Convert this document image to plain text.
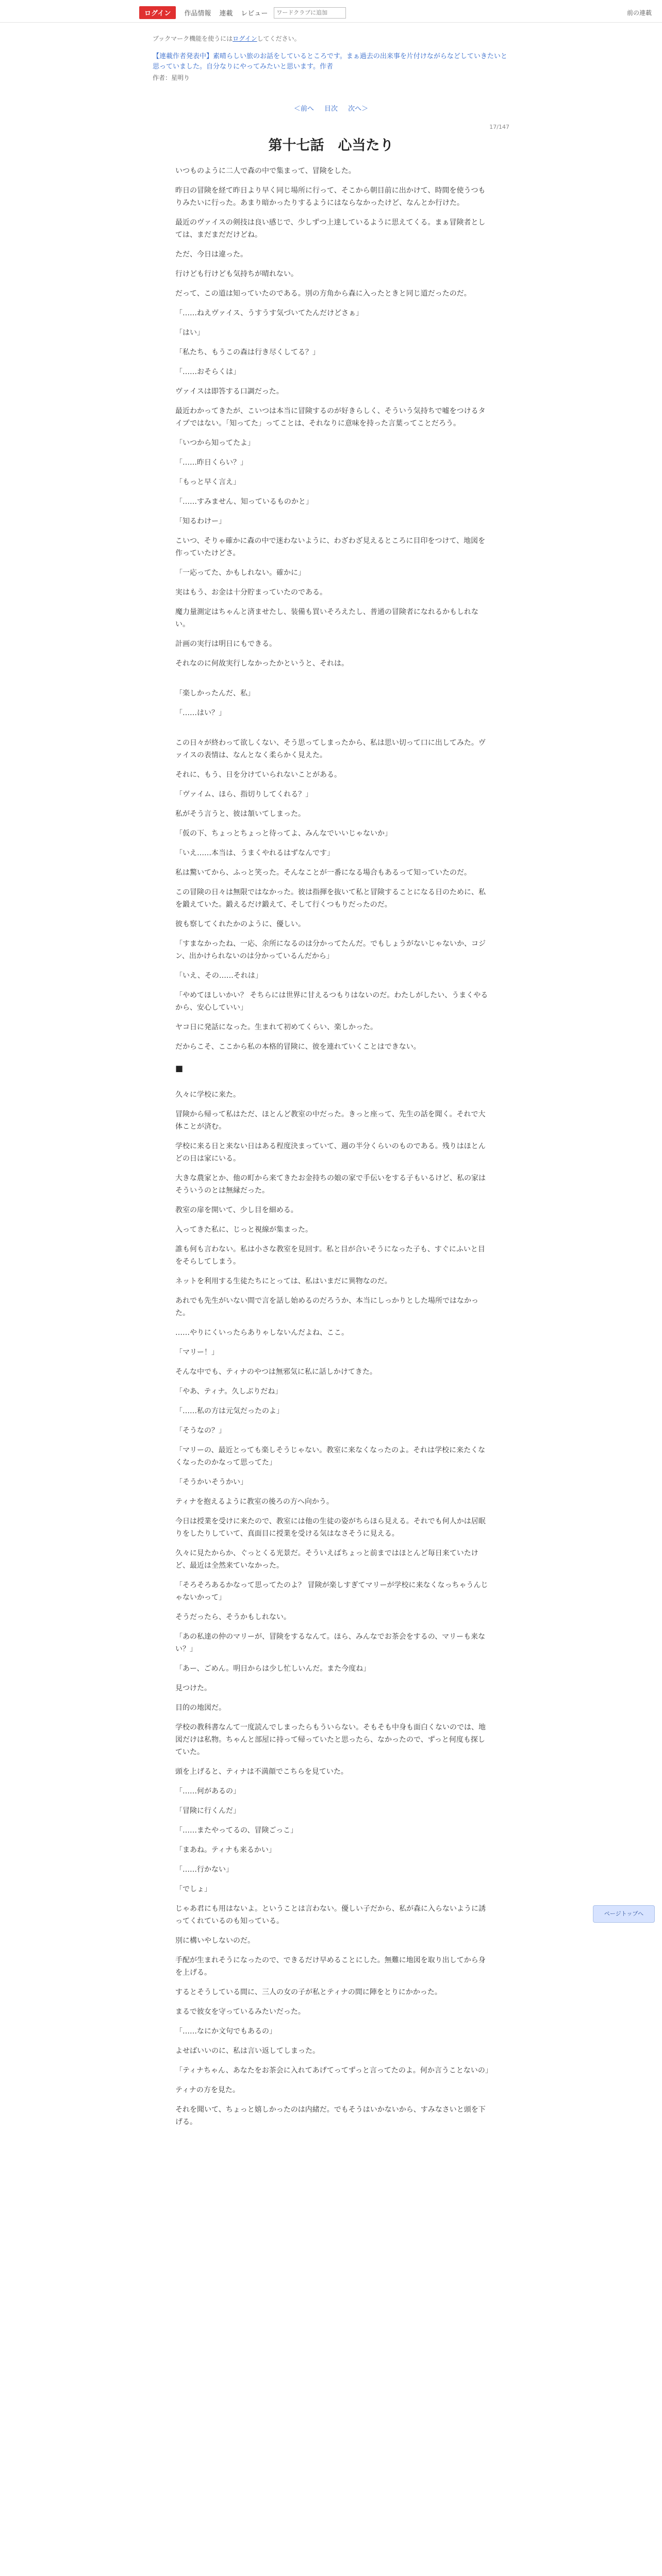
ログイン	作品情報 連載 レビュー
ワードクラブに追加	前の連載
ブックマーク機能を使うにはログインしてください。
【連載作者発表中】素晴らしい旅のお話をしているところです。まぁ過去の出来事を片付けながらなどしていきたいと思っていました。自分なりにやってみたいと思います。作者
作者：星明り
＜前へ 目次 次へ＞
17/147
第十七話　心当たり

いつものように二人で森の中で集まって、冒険をした。

昨日の冒険を経て昨日より早く同じ場所に行って、そこから朝目前に出かけて、時間を使うつもりみたいに行った。あまり暗かったりするようにはならなかったけど、なんとか行けた。

最近のヴァイスの剣技は良い感じで、少しずつ上達しているように思えてくる。まぁ冒険者としては、まだまだだけどね。

ただ、今日は違った。

行けども行けども気持ちが晴れない。

だって、この道は知っていたのである。別の方角から森に入ったときと同じ道だったのだ。

「……ねえヴァイス、うすうす気づいてたんだけどさぁ」

「はい」

「私たち、もうこの森は行き尽くしてる？」

「……おそらくは」

ヴァイスは即答する口調だった。

最近わかってきたが、こいつは本当に冒険するのが好きらしく、そういう気持ちで嘘をつけるタイプではない。「知ってた」ってことは、それなりに意味を持った言葉ってことだろう。

「いつから知ってたよ」

「……昨日くらい？」

「もっと早く言え」

「……すみません、知っているものかと」

「知るわけー」

こいつ、そりゃ確かに森の中で迷わないように、わざわざ見えるところに目印をつけて、地図を作っていたけどさ。

「一応ってた、かもしれない。確かに」

実はもう、お金は十分貯まっていたのである。

魔力量測定はちゃんと済ませたし、装備も買いそろえたし、普通の冒険者になれるかもしれない。

計画の実行は明日にもできる。

それなのに何故実行しなかったかというと、それは。

「楽しかったんだ、私」

「……はい？」

この日々が終わって欲しくない、そう思ってしまったから、私は思い切って口に出してみた。ヴァイスの表情は、なんとなく柔らかく見えた。

それに、もう、日を分けていられないことがある。

「ヴァイム、ほら、指切りしてくれる？」

私がそう言うと、彼は頷いてしまった。

「仮の下、ちょっとちょっと待ってよ、みんなでいいじゃないか」

「いえ……本当は、うまくやれるはずなんです」

私は驚いてから、ふっと笑った。そんなことが一番になる場合もあるって知っていたのだ。

この冒険の日々は無限ではなかった。彼は指揮を抜いて私と冒険することになる日のために、私を鍛えていた。鍛えるだけ鍛えて、そして行くつもりだったのだ。

彼も察してくれたかのように、優しい。

「すまなかったね、一応、余所になるのは分かってたんだ。でもしょうがないじゃないか、コジン、出かけられないのは分かっているんだから」

「いえ、その……それは」

「やめてほしいかい？ そちらには世界に甘えるつもりはないのだ。わたしがしたい、うまくやるから、安心していい」

ヤコ日に発話になった。生まれて初めてくらい、楽しかった。

だからこそ、ここから私の本格的冒険に、彼を連れていくことはできない。

■

久々に学校に来た。

冒険から帰って私はただ、ほとんど教室の中だった。きっと座って、先生の話を聞く。それで大体ことが済む。

学校に来る日と来ない日はある程度決まっていて、週の半分くらいのものである。残りはほとんどの日は家にいる。

大きな農家とか、他の町から来てきたお金持ちの娘の家で手伝いをする子もいるけど、私の家はそういうのとは無縁だった。

教室の扉を開いて、少し目を細める。

入ってきた私に、じっと視線が集まった。

誰も何も言わない。私は小さな教室を見回す。私と目が合いそうになった子も、すぐにふいと目をそらしてしまう。

ネットを利用する生徒たちにとっては、私はいまだに異物なのだ。

あれでも先生がいない間で言を話し始めるのだろうか、本当にしっかりとした場所ではなかった。

……やりにくいったらありゃしないんだよね、ここ。

「マリー！」

そんな中でも、ティナのやつは無邪気に私に話しかけてきた。

「やあ、ティナ。久しぶりだね」

「……私の方は元気だったのよ」

「そうなの？」

「マリーの、最近とっても楽しそうじゃない。教室に来なくなったのよ。それは学校に来たくなくなったのかなって思ってた」

「そうかいそうかい」

ティナを抱えるように教室の後ろの方へ向かう。

今日は授業を受けに来たので、教室には他の生徒の姿がちらほら見える。それでも何人かは居眠りをしたりしていて、真面目に授業を受ける気はなさそうに見える。

久々に見たからか、ぐっとくる光景だ。そういえばちょっと前まではほとんど毎日来ていたけど、最近は全然来ていなかった。

「そろそろあるかなって思ってたのよ？ 冒険が楽しすぎてマリーが学校に来なくなっちゃうんじゃないかって」

そうだったら、そうかもしれない。

「あの私達の仲のマリーが、冒険をするなんて。ほら、みんなでお茶会をするの、マリーも来ない？」

「あー、ごめん。明日からは少し忙しいんだ。また今度ね」

見つけた。

目的の地図だ。

学校の教科書なんて一度読んでしまったらもういらない。そもそも中身も面白くないのでは、地図だけは私物。ちゃんと部屋に持って帰っていたと思ったら、なかったので、ずっと何度も探していた。

頭を上げると、ティナは不満顔でこちらを見ていた。

「……何があるの」

「冒険に行くんだ」

「……またやってるの、冒険ごっこ」

「まあね。ティナも来るかい」

「……行かない」

「でしょ」

じゃあ君にも用はないよ。ということは言わない。優しい子だから、私が森に入らないように誘ってくれているのも知っている。

別に構いやしないのだ。

手配が生まれそうになったので、できるだけ早めることにした。無難に地図を取り出してから身を上げる。

するとそうしている間に、三人の女の子が私とティナの間に陣をとりにかかった。

まるで彼女を守っているみたいだった。

「……なにか文句でもあるの」

よせばいいのに、私は言い返してしまった。

「ティナちゃん、あなたをお茶会に入れてあげてってずっと言ってたのよ。何か言うことないの」

ティナの方を見た。

それを聞いて、ちょっと嬉しかったのは内緒だ。でもそうはいかないから、すみなさいと頭を下げる。

ページトップへ
